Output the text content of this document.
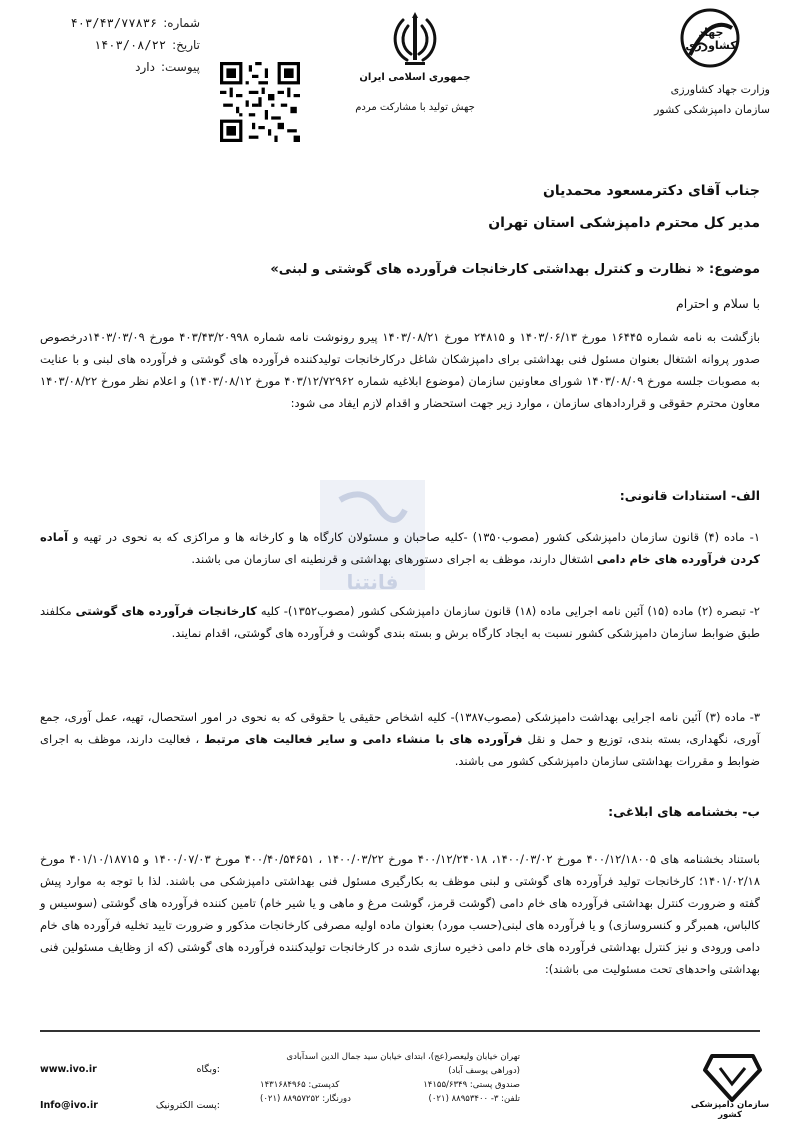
شماره:
۴۰۳/۴۳/۷۷۸۳۶
تاریخ:
۱۴۰۳/۰۸/۲۲
پیوست:
دارد
جمهوری اسلامی ایران
جهش تولید با مشارکت مردم
جهاد کشاورزی
وزارت جهاد کشاورزی
سازمان دامپزشکی کشور
جناب آقای دکترمسعود محمدیان
مدیر کل محترم دامپزشکی استان تهران
موضوع: « نظارت و کنترل بهداشتی کارخانجات فرآورده های گوشتی و لبنی»
با سلام و احترام
بازگشت به نامه شماره ۱۶۴۴۵ مورخ ۱۴۰۳/۰۶/۱۳ و ۲۴۸۱۵ مورخ ۱۴۰۳/۰۸/۲۱ پیرو رونوشت نامه شماره ۴۰۳/۴۳/۲۰۹۹۸ مورخ ۱۴۰۳/۰۳/۰۹درخصوص صدور پروانه اشتغال بعنوان مسئول فنی بهداشتی برای دامپزشکان شاغل درکارخانجات تولیدکننده فرآورده های گوشتی و فرآورده های لبنی و با عنایت به مصوبات جلسه مورخ ۱۴۰۳/۰۸/۰۹ شورای معاونین سازمان (موضوع ابلاغیه شماره ۴۰۳/۱۲/۷۲۹۶۲ مورخ ۱۴۰۳/۰۸/۱۲) و اعلام نظر مورخ ۱۴۰۳/۰۸/۲۲ معاون محترم حقوقی و قراردادهای سازمان ، موارد زیر جهت استحضار و اقدام لازم ایفاد می شود:
فانتنا
الف- استنادات قانونی:
۱- ماده (۴) قانون سازمان دامپزشکی کشور (مصوب۱۳۵۰) -کلیه صاحبان و مسئولان کارگاه ها و کارخانه ها و مراکزی که به نحوی در تهیه و آماده کردن فرآورده های خام دامی اشتغال دارند، موظف به اجرای دستورهای بهداشتی و قرنطینه ای سازمان می باشند.
۲- تبصره (۲) ماده (۱۵) آئین نامه اجرایی ماده (۱۸) قانون سازمان دامپزشکی کشور (مصوب۱۳۵۲)- کلیه کارخانجات فرآورده های گوشتی مکلفند طبق ضوابط سازمان دامپزشکی کشور نسبت به ایجاد کارگاه برش و بسته بندی گوشت و فرآورده های گوشتی، اقدام نمایند.
۳- ماده (۳) آئین نامه اجرایی بهداشت دامپزشکی (مصوب۱۳۸۷)- کلیه اشخاص حقیقی یا حقوقی که به نحوی در امور استحصال، تهیه، عمل آوری، جمع آوری، نگهداری، بسته بندی، توزیع و حمل و نقل فرآورده های با منشاء دامی و سایر فعالیت های مرتبط ، فعالیت دارند، موظف به اجرای ضوابط و مقررات بهداشتی سازمان دامپزشکی کشور می باشند.
ب- بخشنامه های ابلاغی:
باستناد بخشنامه های ۴۰۰/۱۲/۱۸۰۰۵ مورخ ۱۴۰۰/۰۳/۰۲، ۴۰۰/۱۲/۲۴۰۱۸ مورخ ۱۴۰۰/۰۳/۲۲ ، ۴۰۰/۴۰/۵۴۶۵۱ مورخ ۱۴۰۰/۰۷/۰۳ و ۴۰۱/۱۰/۱۸۷۱۵ مورخ ۱۴۰۱/۰۲/۱۸؛ کارخانجات تولید فرآورده های گوشتی و لبنی موظف به بکارگیری مسئول فنی بهداشتی دامپزشکی می باشند. لذا با توجه به موارد پیش گفته و ضرورت کنترل بهداشتی فرآورده های خام دامی (گوشت قرمز، گوشت مرغ و ماهی و یا شیر خام) تامین کننده فرآورده های گوشتی (سوسیس و کالباس، همبرگر و کنسروسازی) و یا فرآورده های لبنی(حسب مورد) بعنوان ماده اولیه مصرفی کارخانجات مذکور و ضرورت تایید تخلیه فرآورده های خام دامی ورودی و نیز کنترل بهداشتی فرآورده های خام دامی ذخیره سازی شده در کارخانجات تولیدکننده فرآورده های گوشتی (که از وظایف مسئولین فنی بهداشتی واحدهای تحت مسئولیت می باشند):
تهران خیابان ولیعصر(عج)، ابتدای خیابان سید جمال الدین اسدآبادی (دوراهی یوسف آباد)
صندوق پستی: ۱۴۱۵۵/۶۳۴۹
کدپستی: ۱۴۳۱۶۸۴۹۶۵
تلفن: ۳- ۸۸۹۵۳۴۰۰ (۰۲۱)
دورنگار: ۸۸۹۵۷۲۵۲ (۰۲۱)
www.ivo.ir	وبگاه:
Info@ivo.ir	پست الکترونیک:	سازمان دامپزشکی کشور
